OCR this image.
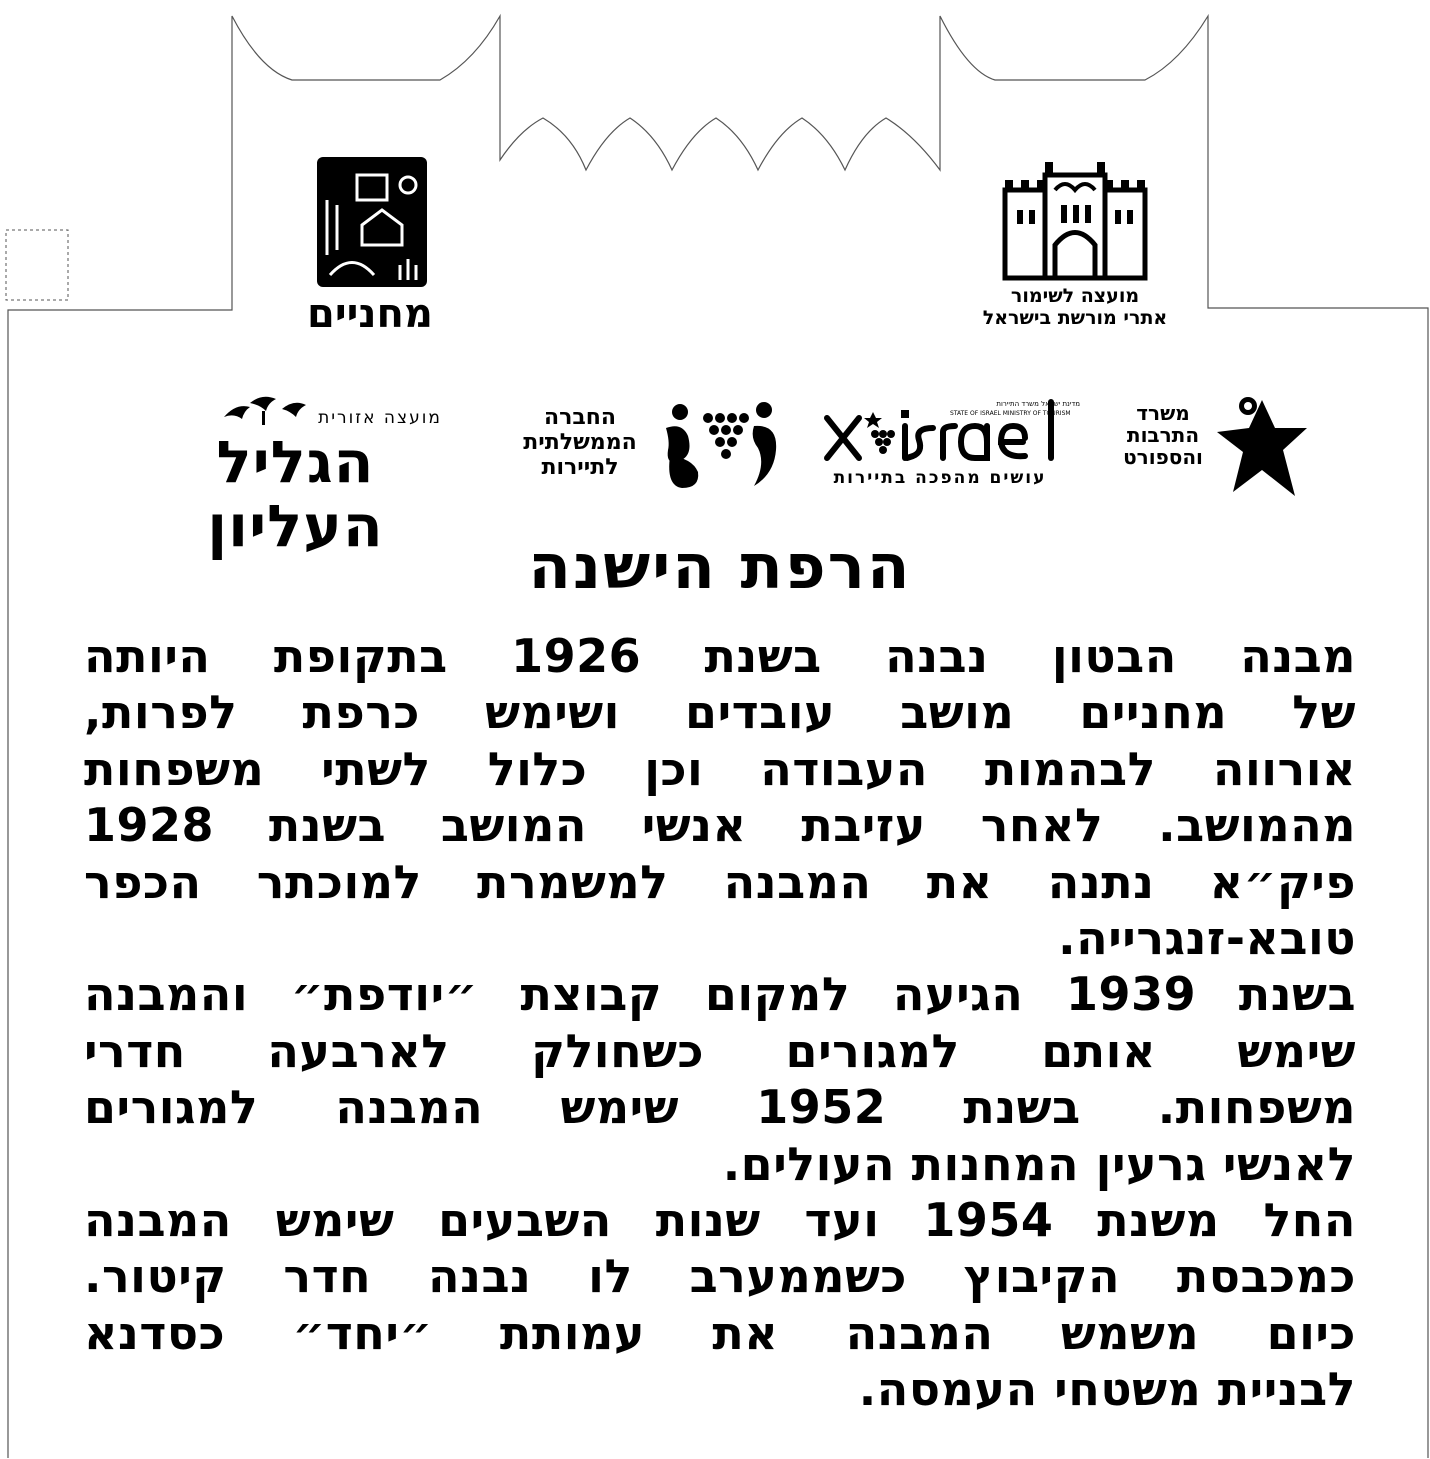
מועצה לשימור
אתרי מורשת בישראל
מחניים
משרד
התרבות
והספורט
מדינת ישראל משרד התיירות
STATE OF ISRAEL MINISTRY OF TOURISM
עושים מהפכה בתיירות
החברה
הממשלתית
לתיירות
מועצה אזורית
הגליל העליון
הרפת הישנה
מבנה הבטון נבנה בשנת 1926 בתקופת היותה
של מחניים מושב עובדים ושימש כרפת לפרות,
אורווה לבהמות העבודה וכן כלול לשתי משפחות
מהמושב. לאחר עזיבת אנשי המושב בשנת 1928
פיק״א נתנה את המבנה למשמרת למוכתר הכפר
טובא-זנגרייה.
בשנת 1939 הגיעה למקום קבוצת ״יודפת״ והמבנה
שימש אותם למגורים כשחולק לארבעה חדרי
משפחות. בשנת 1952 שימש המבנה למגורים
לאנשי גרעין המחנות העולים.
החל משנת 1954 ועד שנות השבעים שימש המבנה
כמכבסת הקיבוץ כשממערב לו נבנה חדר קיטור.
כיום משמש המבנה את עמותת ״יחד״ כסדנא
לבניית משטחי העמסה.
